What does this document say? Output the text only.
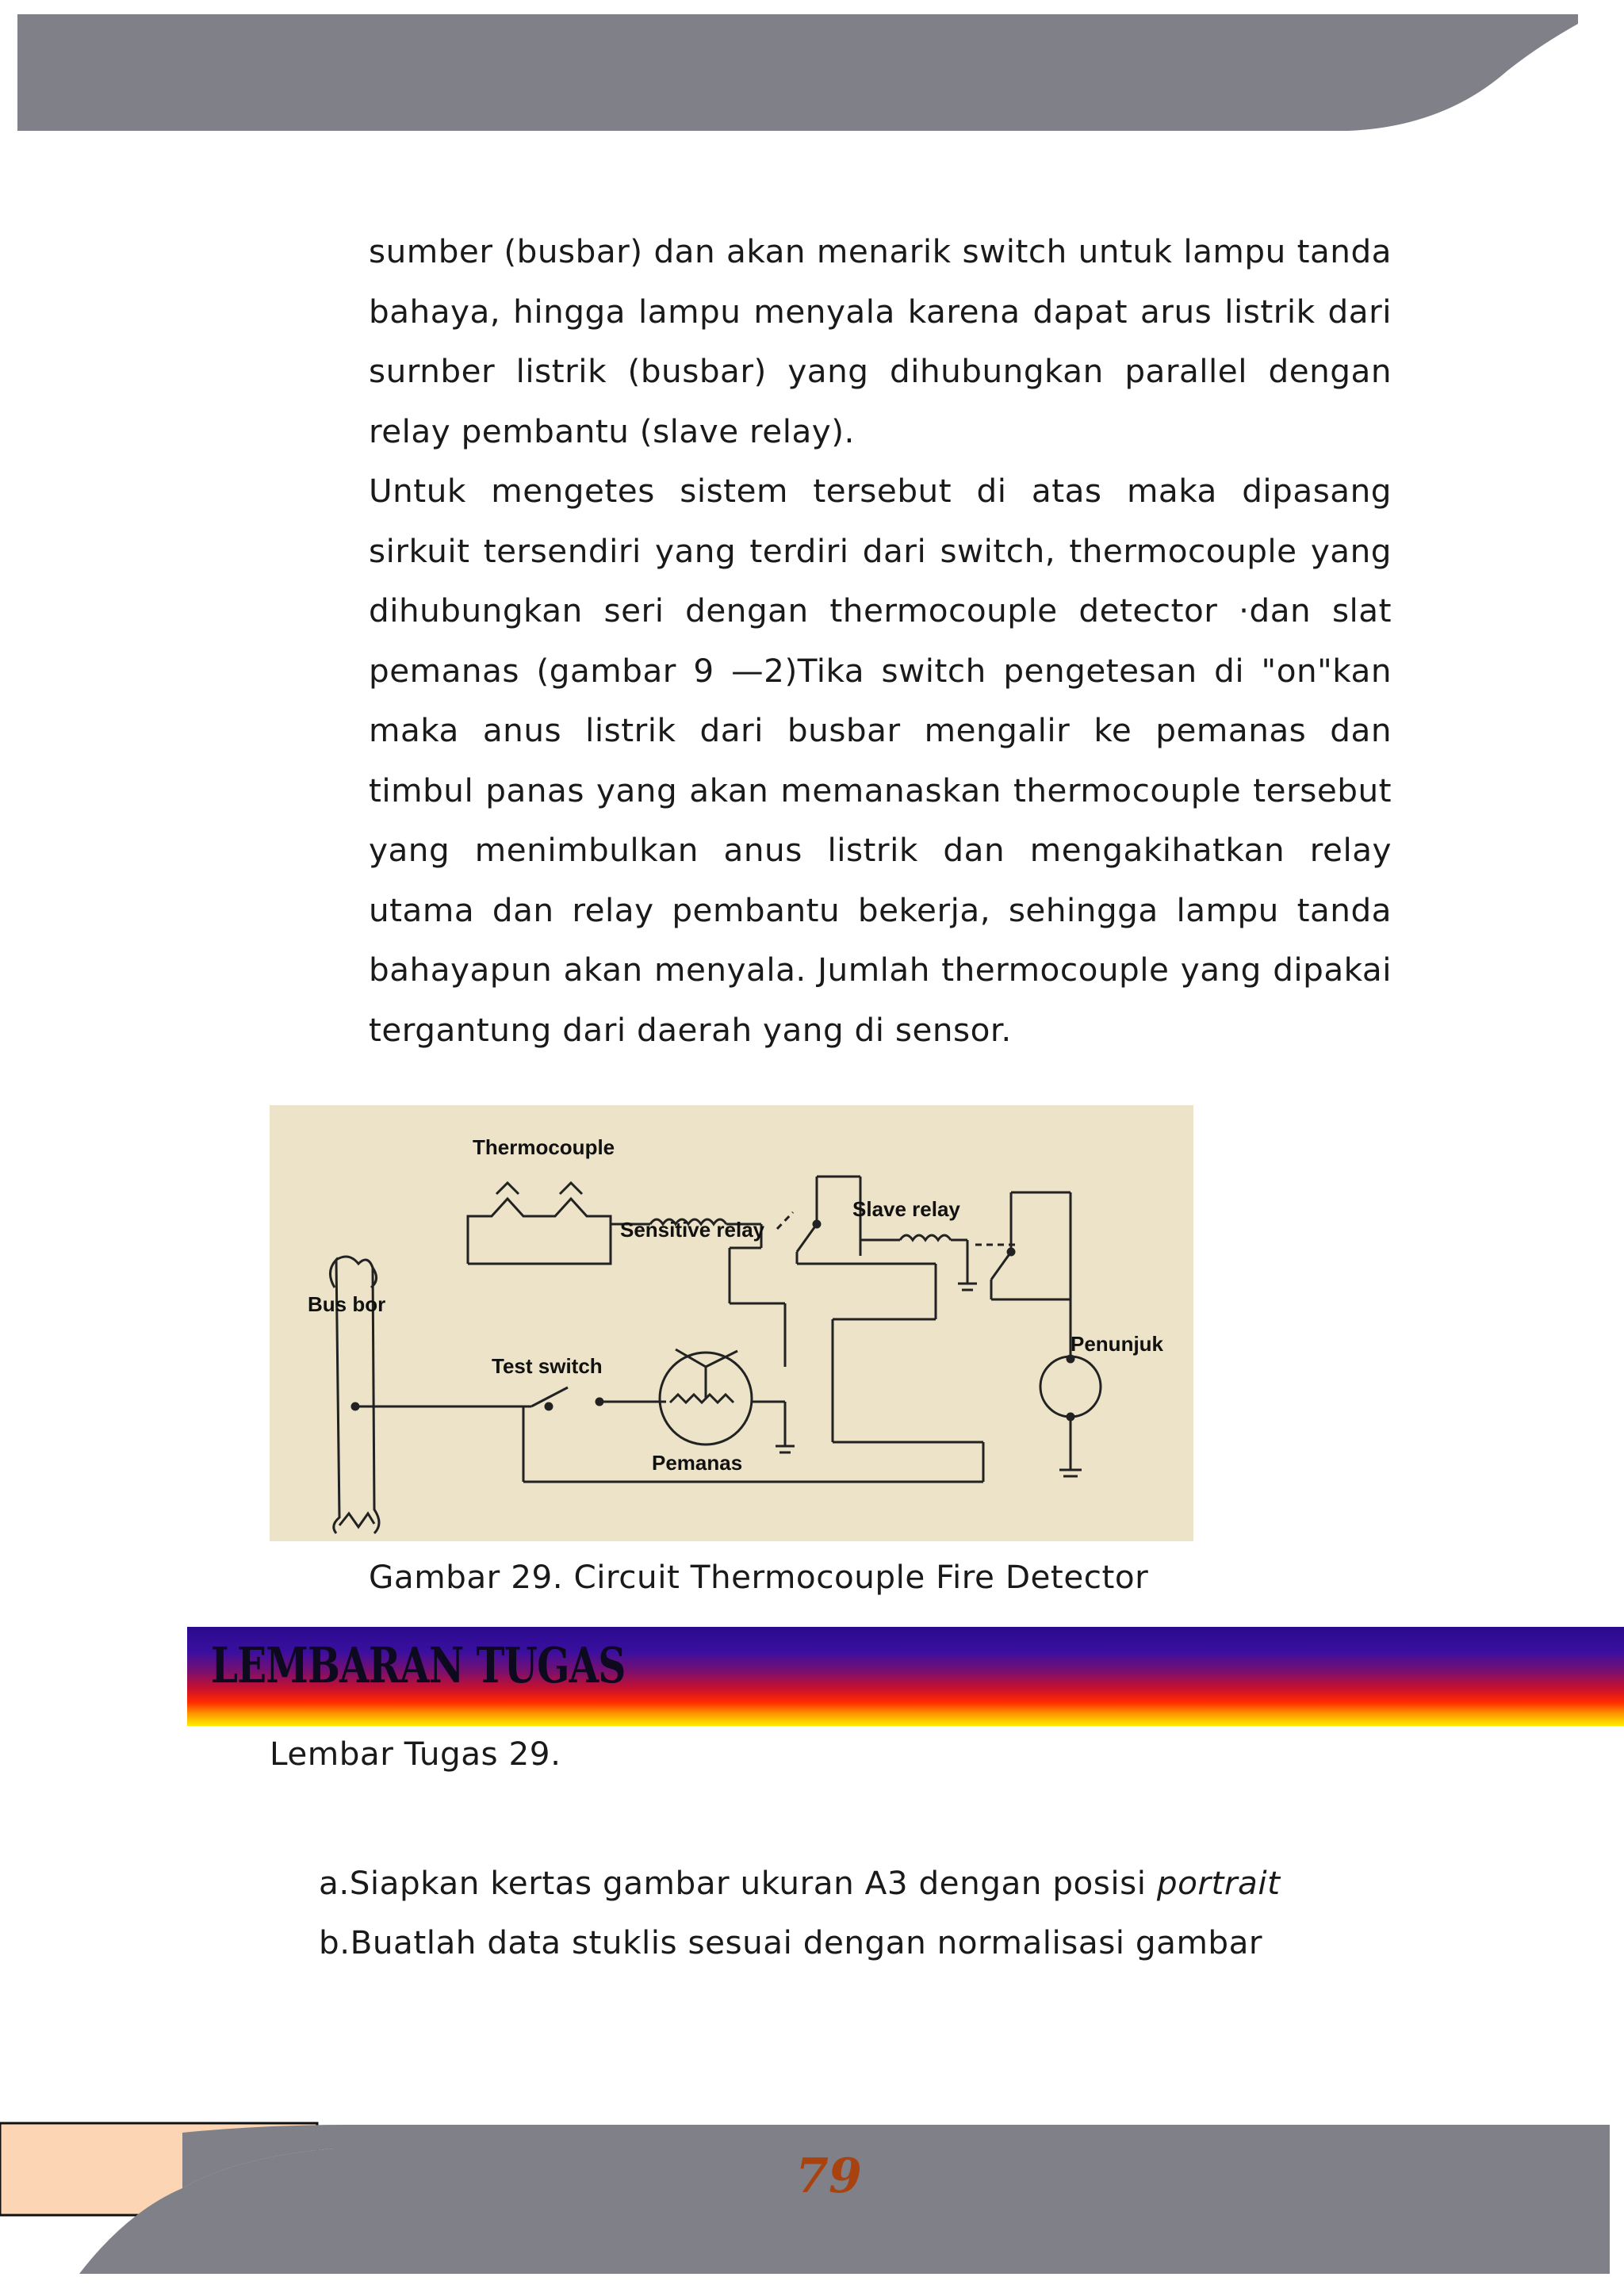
sumber (busbar) dan akan menarik switch untuk lampu tanda bahaya, hingga lampu menyala karena dapat arus listrik dari surnber listrik (busbar) yang dihubungkan parallel dengan relay pembantu (slave relay).

Untuk mengetes sistem tersebut di atas maka dipasang sirkuit tersendiri yang terdiri dari switch, thermocouple yang dihubungkan seri dengan thermocouple detector ·dan slat pemanas (gambar 9 —2)Tika switch pengetesan di "on"kan maka anus listrik dari busbar mengalir ke pemanas dan timbul panas yang akan memanaskan thermocouple tersebut yang menimbulkan anus listrik dan mengakihatkan relay utama dan relay pembantu bekerja, sehingga lampu tanda bahayapun akan menyala. Jumlah thermocouple yang dipakai tergantung dari daerah yang di sensor.

Thermocouple
Sensitive relay
Slave relay
Bus bor
Test switch
Penunjuk
Pemanas
Gambar 29. Circuit Thermocouple Fire Detector
LEMBARAN TUGAS
Lembar Tugas 29.
a.Siapkan kertas gambar ukuran A3 dengan posisi portrait
b.Buatlah data stuklis sesuai dengan normalisasi gambar
79
